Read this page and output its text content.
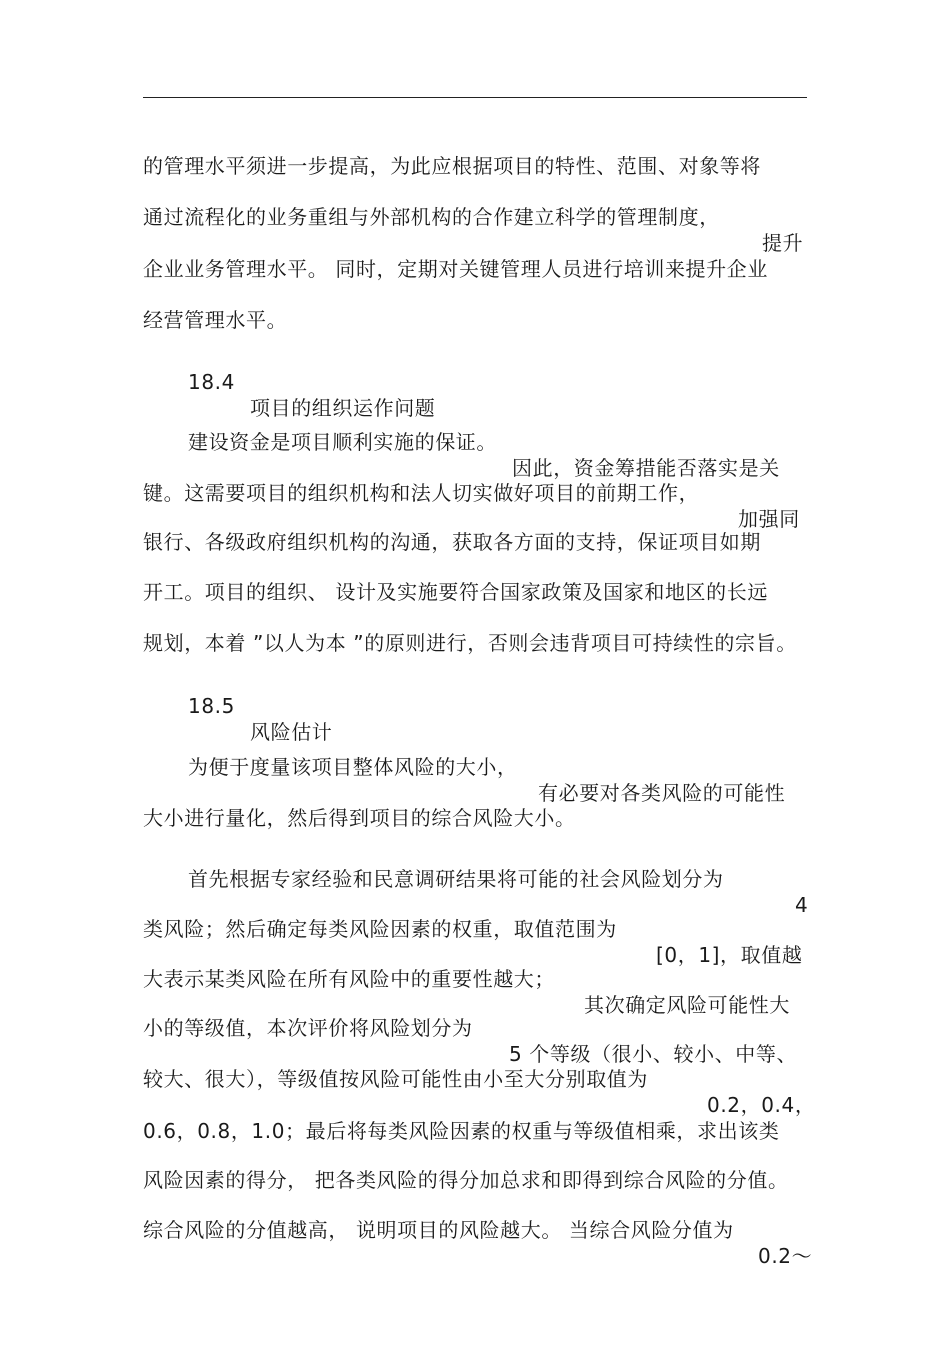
的管理水平须进一步提高，为此应根据项目的特性、范围、对象等将

通过流程化的业务重组与外部机构的合作建立科学的管理制度，

提升

企业业务管理水平。 同时，定期对关键管理人员进行培训来提升企业

经营管理水平。

18.4

项目的组织运作问题

建设资金是项目顺利实施的保证。

因此，资金筹措能否落实是关

键。这需要项目的组织机构和法人切实做好项目的前期工作，

加强同

银行、各级政府组织机构的沟通，获取各方面的支持，保证项目如期

开工。项目的组织、 设计及实施要符合国家政策及国家和地区的长远

规划，本着 ”以人为本 ”的原则进行，否则会违背项目可持续性的宗旨。

18.5

风险估计

为便于度量该项目整体风险的大小，

有必要对各类风险的可能性

大小进行量化，然后得到项目的综合风险大小。

首先根据专家经验和民意调研结果将可能的社会风险划分为

4

类风险；然后确定每类风险因素的权重，取值范围为

[0，1]，取值越

大表示某类风险在所有风险中的重要性越大；

其次确定风险可能性大

小的等级值，本次评价将风险划分为

5 个等级（很小、较小、中等、

较大、很大），等级值按风险可能性由小至大分别取值为

0.2，0.4，

0.6，0.8，1.0；最后将每类风险因素的权重与等级值相乘，求出该类

风险因素的得分， 把各类风险的得分加总求和即得到综合风险的分值。

综合风险的分值越高， 说明项目的风险越大。 当综合风险分值为

0.2～
